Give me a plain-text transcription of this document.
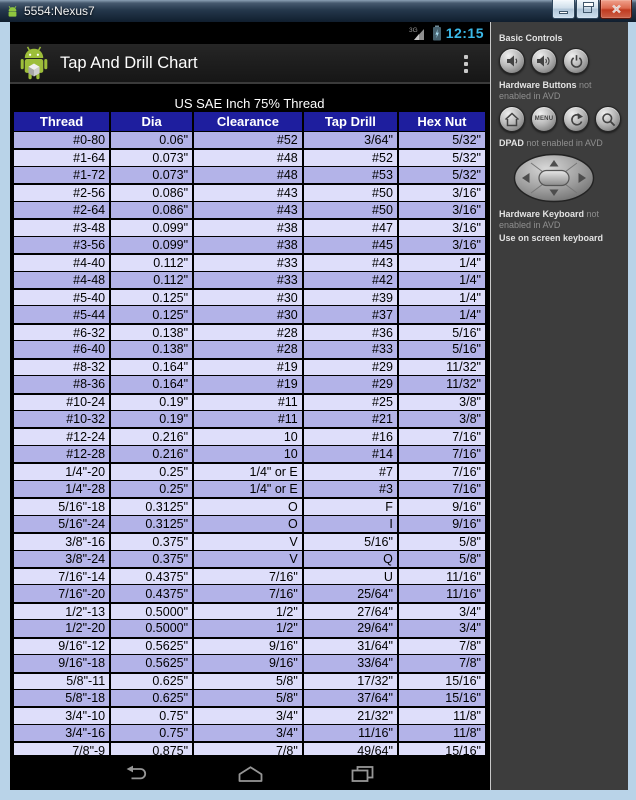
5554:Nexus7
3G 12:15
Tap And Drill Chart
US SAE Inch 75% Thread
Thread	Dia	Clearance	Tap Drill	Hex Nut
#0-80	0.06"	#52	3/64"	5/32"
#1-64	0.073"	#48	#52	5/32"
#1-72	0.073"	#48	#53	5/32"
#2-56	0.086"	#43	#50	3/16"
#2-64	0.086"	#43	#50	3/16"
#3-48	0.099"	#38	#47	3/16"
#3-56	0.099"	#38	#45	3/16"
#4-40	0.112"	#33	#43	1/4"
#4-48	0.112"	#33	#42	1/4"
#5-40	0.125"	#30	#39	1/4"
#5-44	0.125"	#30	#37	1/4"
#6-32	0.138"	#28	#36	5/16"
#6-40	0.138"	#28	#33	5/16"
#8-32	0.164"	#19	#29	11/32"
#8-36	0.164"	#19	#29	11/32"
#10-24	0.19"	#11	#25	3/8"
#10-32	0.19"	#11	#21	3/8"
#12-24	0.216"	10	#16	7/16"
#12-28	0.216"	10	#14	7/16"
1/4"-20	0.25"	1/4" or E	#7	7/16"
1/4"-28	0.25"	1/4" or E	#3	7/16"
5/16"-18	0.3125"	O	F	9/16"
5/16"-24	0.3125"	O	I	9/16"
3/8"-16	0.375"	V	5/16"	5/8"
3/8"-24	0.375"	V	Q	5/8"
7/16"-14	0.4375"	7/16"	U	11/16"
7/16"-20	0.4375"	7/16"	25/64"	11/16"
1/2"-13	0.5000"	1/2"	27/64"	3/4"
1/2"-20	0.5000"	1/2"	29/64"	3/4"
9/16"-12	0.5625"	9/16"	31/64"	7/8"
9/16"-18	0.5625"	9/16"	33/64"	7/8"
5/8"-11	0.625"	5/8"	17/32"	15/16"
5/8"-18	0.625"	5/8"	37/64"	15/16"
3/4"-10	0.75"	3/4"	21/32"	11/8"
3/4"-16	0.75"	3/4"	11/16"	11/8"
7/8"-9	0.875"	7/8"	49/64"	15/16"
Basic Controls
Hardware Buttons not enabled in AVD
MENU
DPAD not enabled in AVD
Hardware Keyboard not enabled in AVD
Use on screen keyboard
